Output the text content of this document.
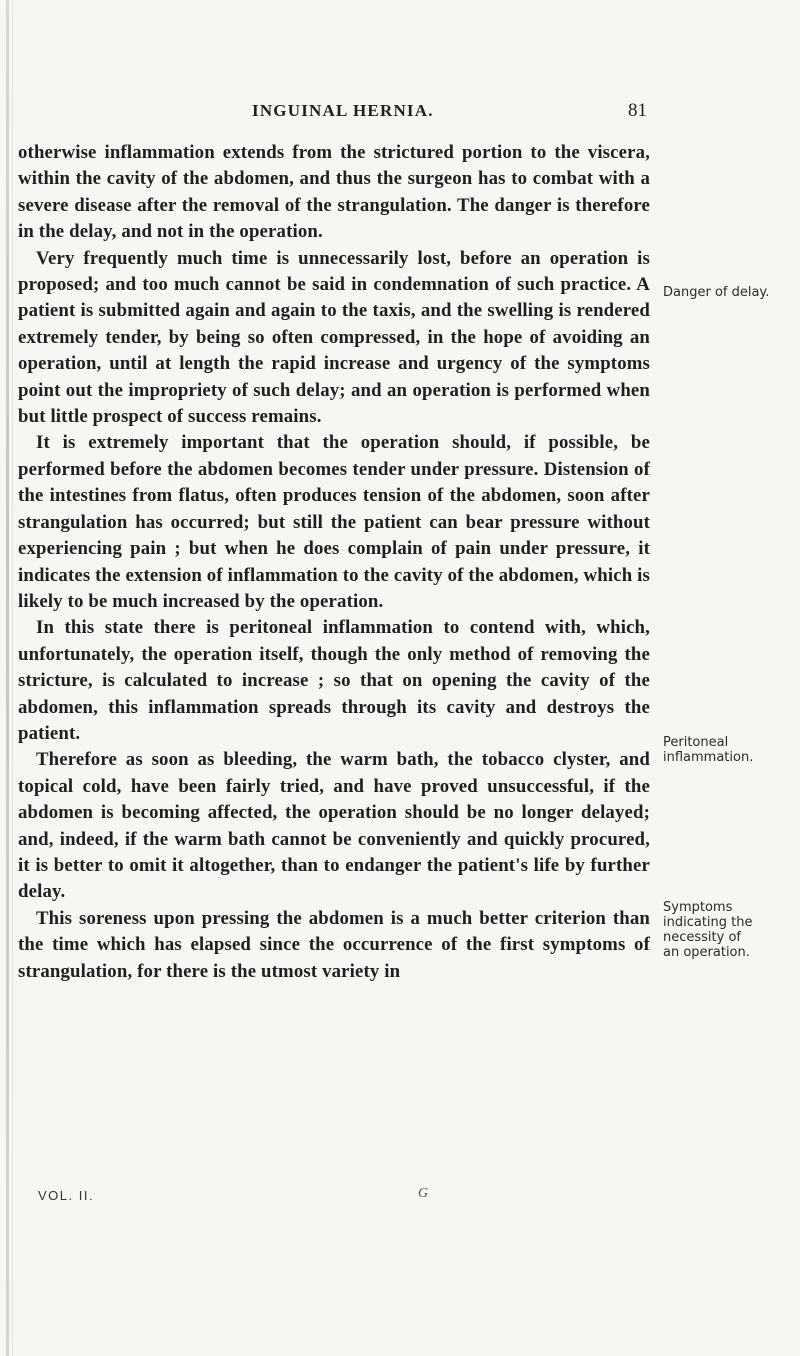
INGUINAL HERNIA.	81

otherwise inflammation extends from the strictured portion to the viscera, within the cavity of the abdomen, and thus the surgeon has to combat with a severe disease after the removal of the strangulation. The danger is therefore in the delay, and not in the operation.

Very frequently much time is unnecessarily lost, before an operation is proposed; and too much cannot be said in condemnation of such practice. A patient is submitted again and again to the taxis, and the swelling is rendered extremely tender, by being so often compressed, in the hope of avoiding an operation, until at length the rapid increase and urgency of the symptoms point out the impropriety of such delay; and an operation is performed when but little prospect of success remains.

It is extremely important that the operation should, if possible, be performed before the abdomen becomes tender under pressure. Distension of the intestines from flatus, often produces tension of the abdomen, soon after strangulation has occurred; but still the patient can bear pressure without experiencing pain ; but when he does complain of pain under pressure, it indicates the extension of inflammation to the cavity of the abdomen, which is likely to be much increased by the operation.

In this state there is peritoneal inflammation to contend with, which, unfortunately, the operation itself, though the only method of removing the stricture, is calculated to increase ; so that on opening the cavity of the abdomen, this inflammation spreads through its cavity and destroys the patient.

Therefore as soon as bleeding, the warm bath, the tobacco clyster, and topical cold, have been fairly tried, and have proved unsuccessful, if the abdomen is becoming affected, the operation should be no longer delayed; and, indeed, if the warm bath cannot be conveniently and quickly procured, it is better to omit it altogether, than to endanger the patient's life by further delay.

This soreness upon pressing the abdomen is a much better criterion than the time which has elapsed since the occurrence of the first symptoms of strangulation, for there is the utmost variety in

Danger of delay.
Peritoneal inflammation.
Symptoms indicating the necessity of an operation.
VOL. II.	G
